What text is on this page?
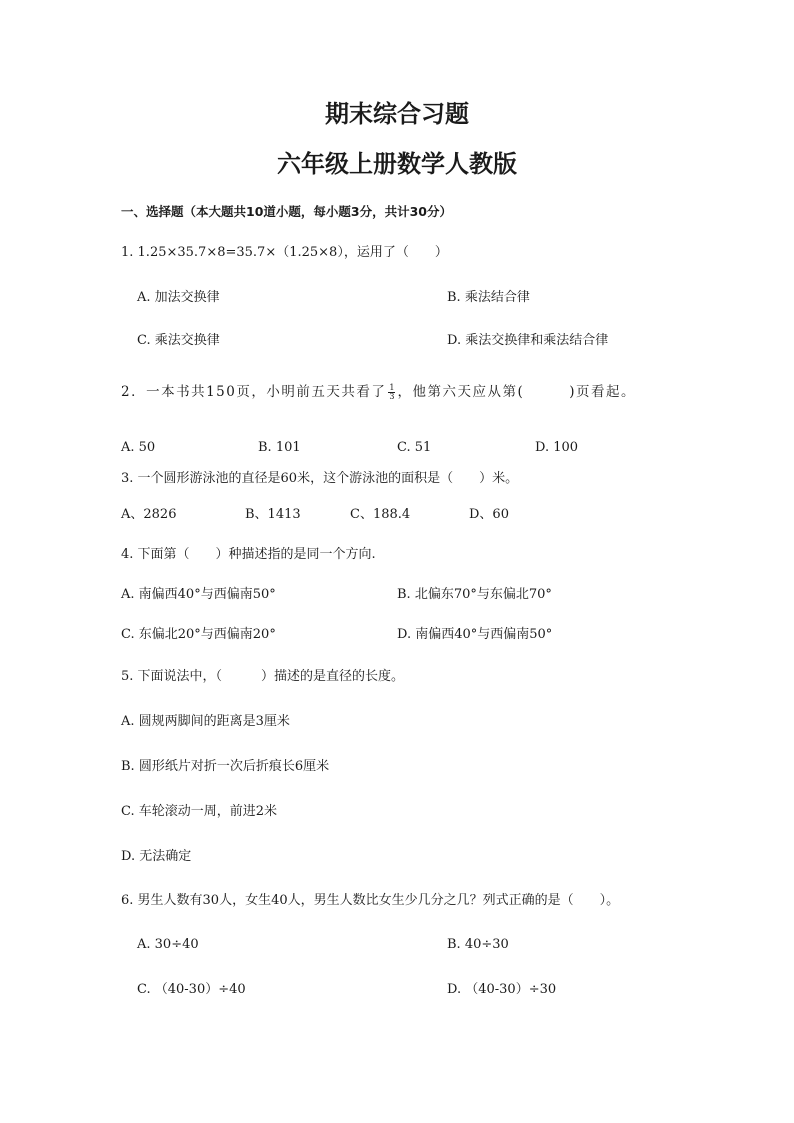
期末综合习题
六年级上册数学人教版
一、选择题（本大题共10道小题，每小题3分，共计30分）
1. 1.25×35.7×8=35.7×（1.25×8），运用了（　　）
A. 加法交换律	B. 乘法结合律
C. 乘法交换律	D. 乘法交换律和乘法结合律
2．一本书共150页，小明前五天共看了 $\frac{1}{3}$ ，他第六天应从第(　　　)页看起。
A. 50	B. 101	C. 51	D. 100
3. 一个圆形游泳池的直径是60米，这个游泳池的面积是（　　）米。
A、2826	B、1413	C、188.4	D、60
4. 下面第（　　）种描述指的是同一个方向.
A. 南偏西40°与西偏南50°	B. 北偏东70°与东偏北70°
C. 东偏北20°与西偏南20°	D. 南偏西40°与西偏南50°
5. 下面说法中，（　　　）描述的是直径的长度。
A. 圆规两脚间的距离是3厘米
B. 圆形纸片对折一次后折痕长6厘米
C. 车轮滚动一周，前进2米
D. 无法确定
6. 男生人数有30人，女生40人，男生人数比女生少几分之几？列式正确的是（　　）。
A. 30÷40	B. 40÷30
C. （40-30）÷40	D. （40-30）÷30
